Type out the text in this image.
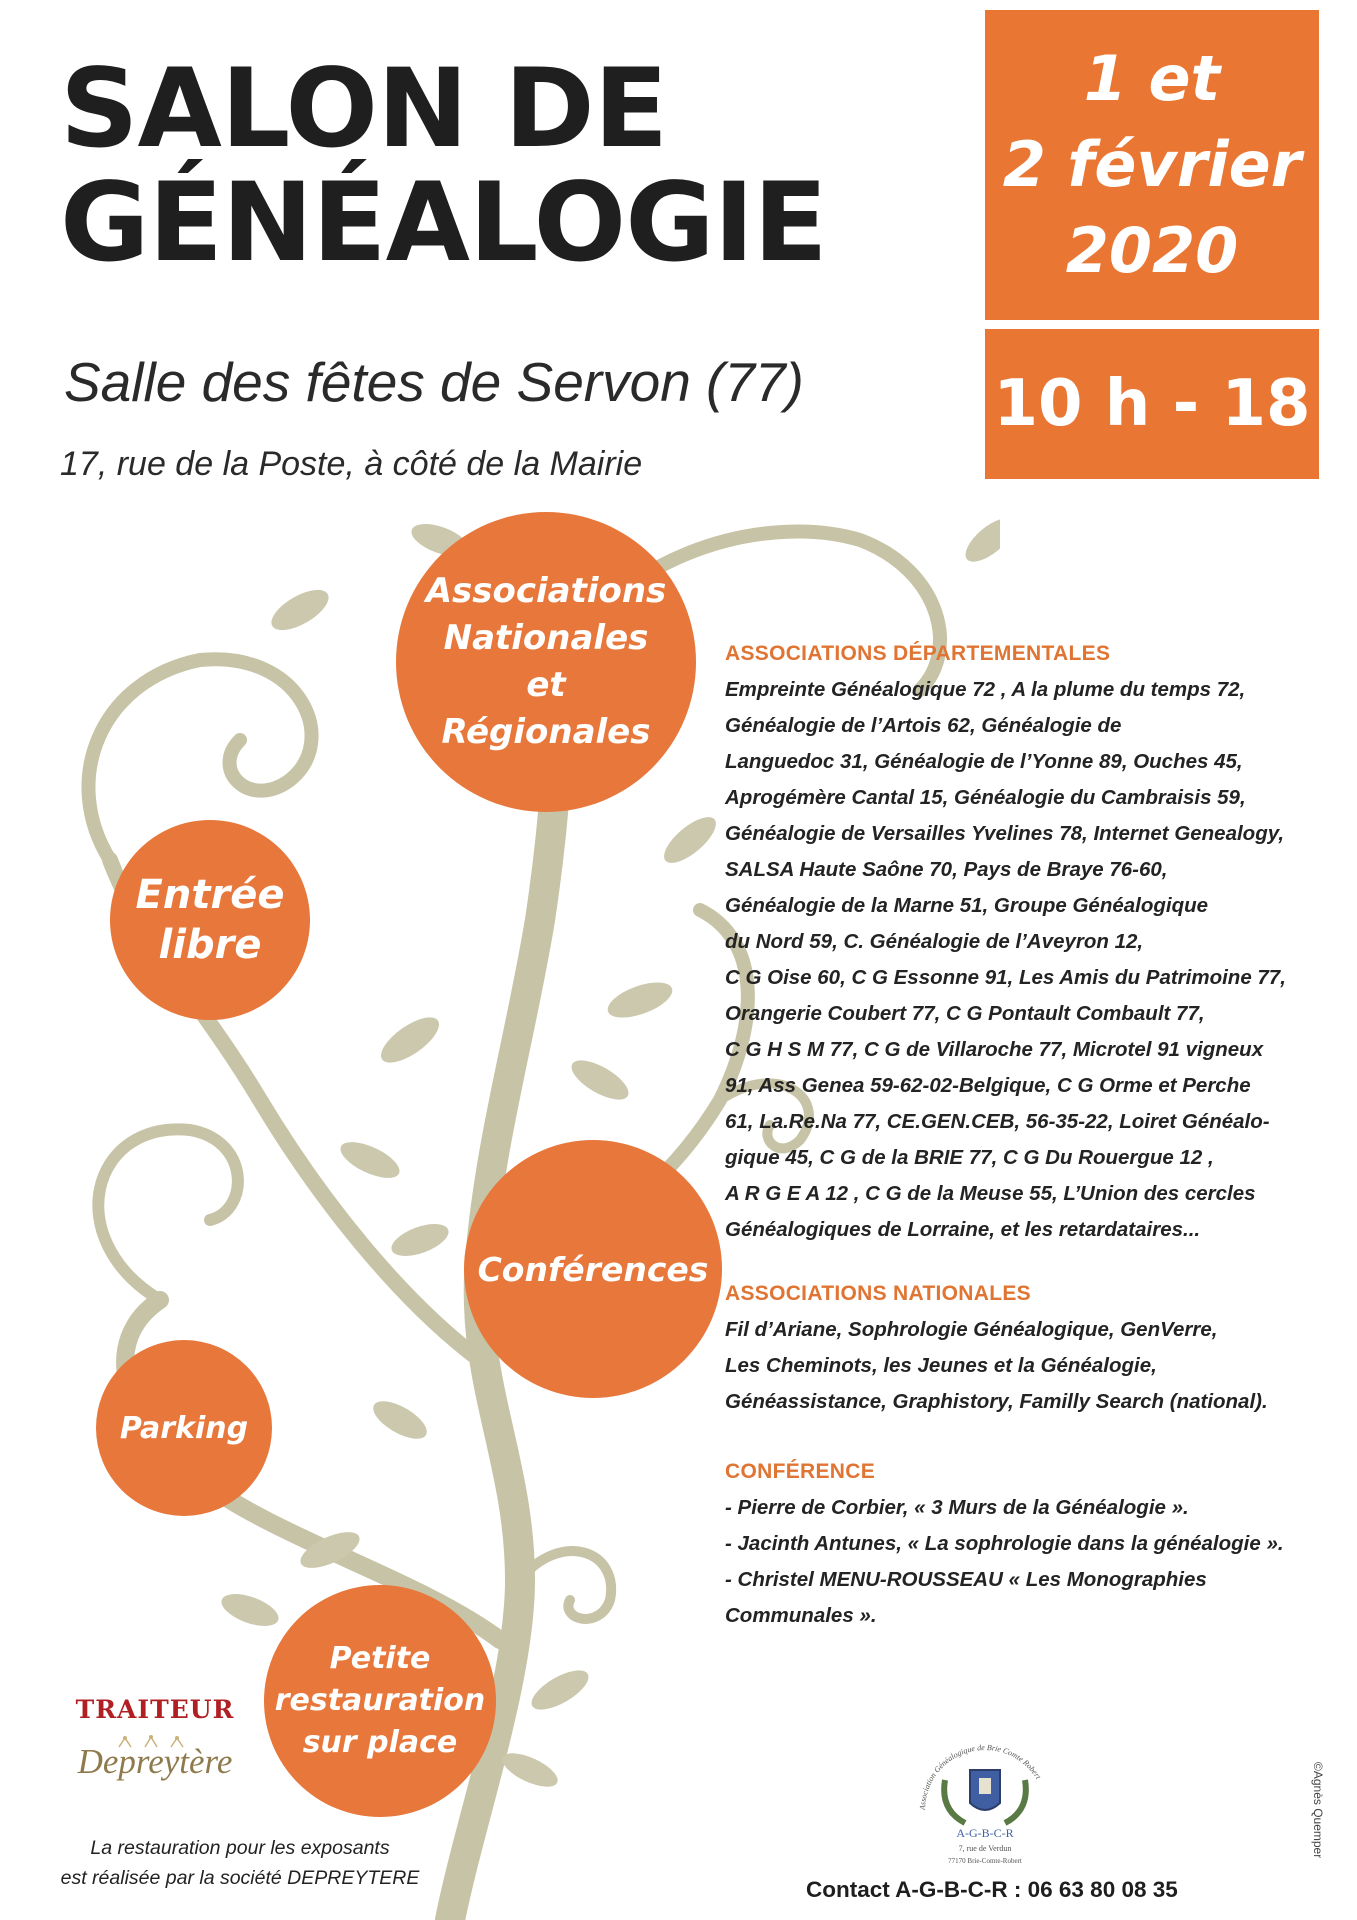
SALON DE
GÉNÉALOGIE
Salle des fêtes de Servon (77)
17, rue de la Poste, à côté de la Mairie
1 et
2 février
2020
10 h - 18 h
Associations
Nationales
et
Régionales
Entrée
libre
Conférences
Parking
Petite
restauration
sur place
ASSOCIATIONS DÉPARTEMENTALES
Empreinte Généalogique 72 , A la plume du temps 72,
Généalogie de l’Artois 62, Généalogie de
Languedoc 31, Généalogie de l’Yonne 89, Ouches 45,
Aprogémère Cantal 15, Généalogie du Cambraisis 59,
Généalogie de Versailles Yvelines 78, Internet Genealogy,
SALSA Haute Saône 70, Pays de Braye 76-60,
Généalogie de la Marne 51, Groupe Généalogique
du Nord 59, C. Généalogie de l’Aveyron 12,
C G Oise 60, C G Essonne 91, Les Amis du Patrimoine 77,
Orangerie Coubert 77, C G Pontault Combault 77,
C G H S M 77, C G de Villaroche 77, Microtel 91 vigneux
91, Ass Genea 59-62-02-Belgique, C G Orme et Perche
61, La.Re.Na 77, CE.GEN.CEB, 56-35-22, Loiret Généalo-
gique 45, C G de la BRIE 77, C G Du Rouergue 12 ,
A R G E A 12 , C G de la Meuse 55, L’Union des cercles
Généalogiques de Lorraine, et les retardataires...
ASSOCIATIONS NATIONALES
Fil d’Ariane, Sophrologie Généalogique, GenVerre,
Les Cheminots, les Jeunes et la Généalogie,
Généassistance, Graphistory, Familly Search (national).
CONFÉRENCE
- Pierre de Corbier, « 3 Murs de la Généalogie ».
- Jacinth Antunes, « La sophrologie dans la généalogie ».
- Christel MENU-ROUSSEAU « Les Monographies
Communales ».
TRAITEUR
Depreytère
La restauration pour les exposants
est réalisée par la société DEPREYTERE
Association Généalogique de Brie Comte Robert
A-G-B-C-R
7, rue de Verdun
77170 Brie-Comte-Robert
Contact A-G-B-C-R : 06 63 80 08 35
©Agnès Quemper
